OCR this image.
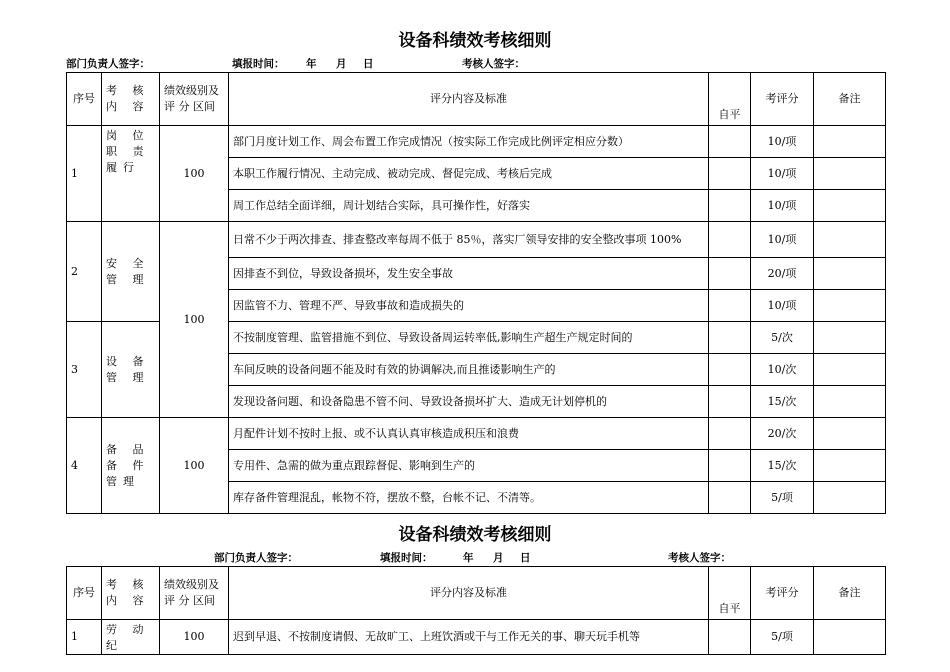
设备科绩效考核细则
部门负责人签字：	填报时间： 年 月 日	考核人签字：
序号	考 核 内 容	绩效级别及 评 分 区间	评分内容及标准	自平	考评分	备注
1	岗 位 职 责履行	100	部门月度计划工作、周会布置工作完成情况（按实际工作完成比例评定相应分数）		10/项	
			本职工作履行情况、主动完成、被动完成、督促完成、考核后完成		10/项	
			周工作总结全面详细，周计划结合实际，具可操作性，好落实		10/项	
2	安 全 管 理	100	日常不少于两次排查、排查整改率每周不低于 85％，落实厂领导安排的安全整改事项 100%		10/项	
			因排查不到位，导致设备损坏，发生安全事故		20/项	
			因监管不力、管理不严、导致事故和造成损失的		10/项	
3	设 备 管 理		不按制度管理、监管措施不到位、导致设备周运转率低,影响生产超生产规定时间的		5/次	
			车间反映的设备问题不能及时有效的协调解决,而且推诿影响生产的		10/次	
			发现设备问题、和设备隐患不管不问、导致设备损坏扩大、造成无计划停机的		15/次	
4	备 品 备 件管理	100	月配件计划不按时上报、或不认真认真审核造成积压和浪费		20/次	
			专用件、急需的做为重点跟踪督促、影响到生产的		15/次	
			库存备件管理混乱，帐物不符，摆放不整，台帐不记、不清等。		5/项	
设备科绩效考核细则
部门负责人签字：	填报时间：	年 月 日	考核人签字：
序号	考 核 内 容	绩效级别及 评 分 区间	评分内容及标准	自平	考评分	备注
1	劳 动 纪	100	迟到早退、不按制度请假、无故旷工、上班饮酒或干与工作无关的事、聊天玩手机等		5/项	
